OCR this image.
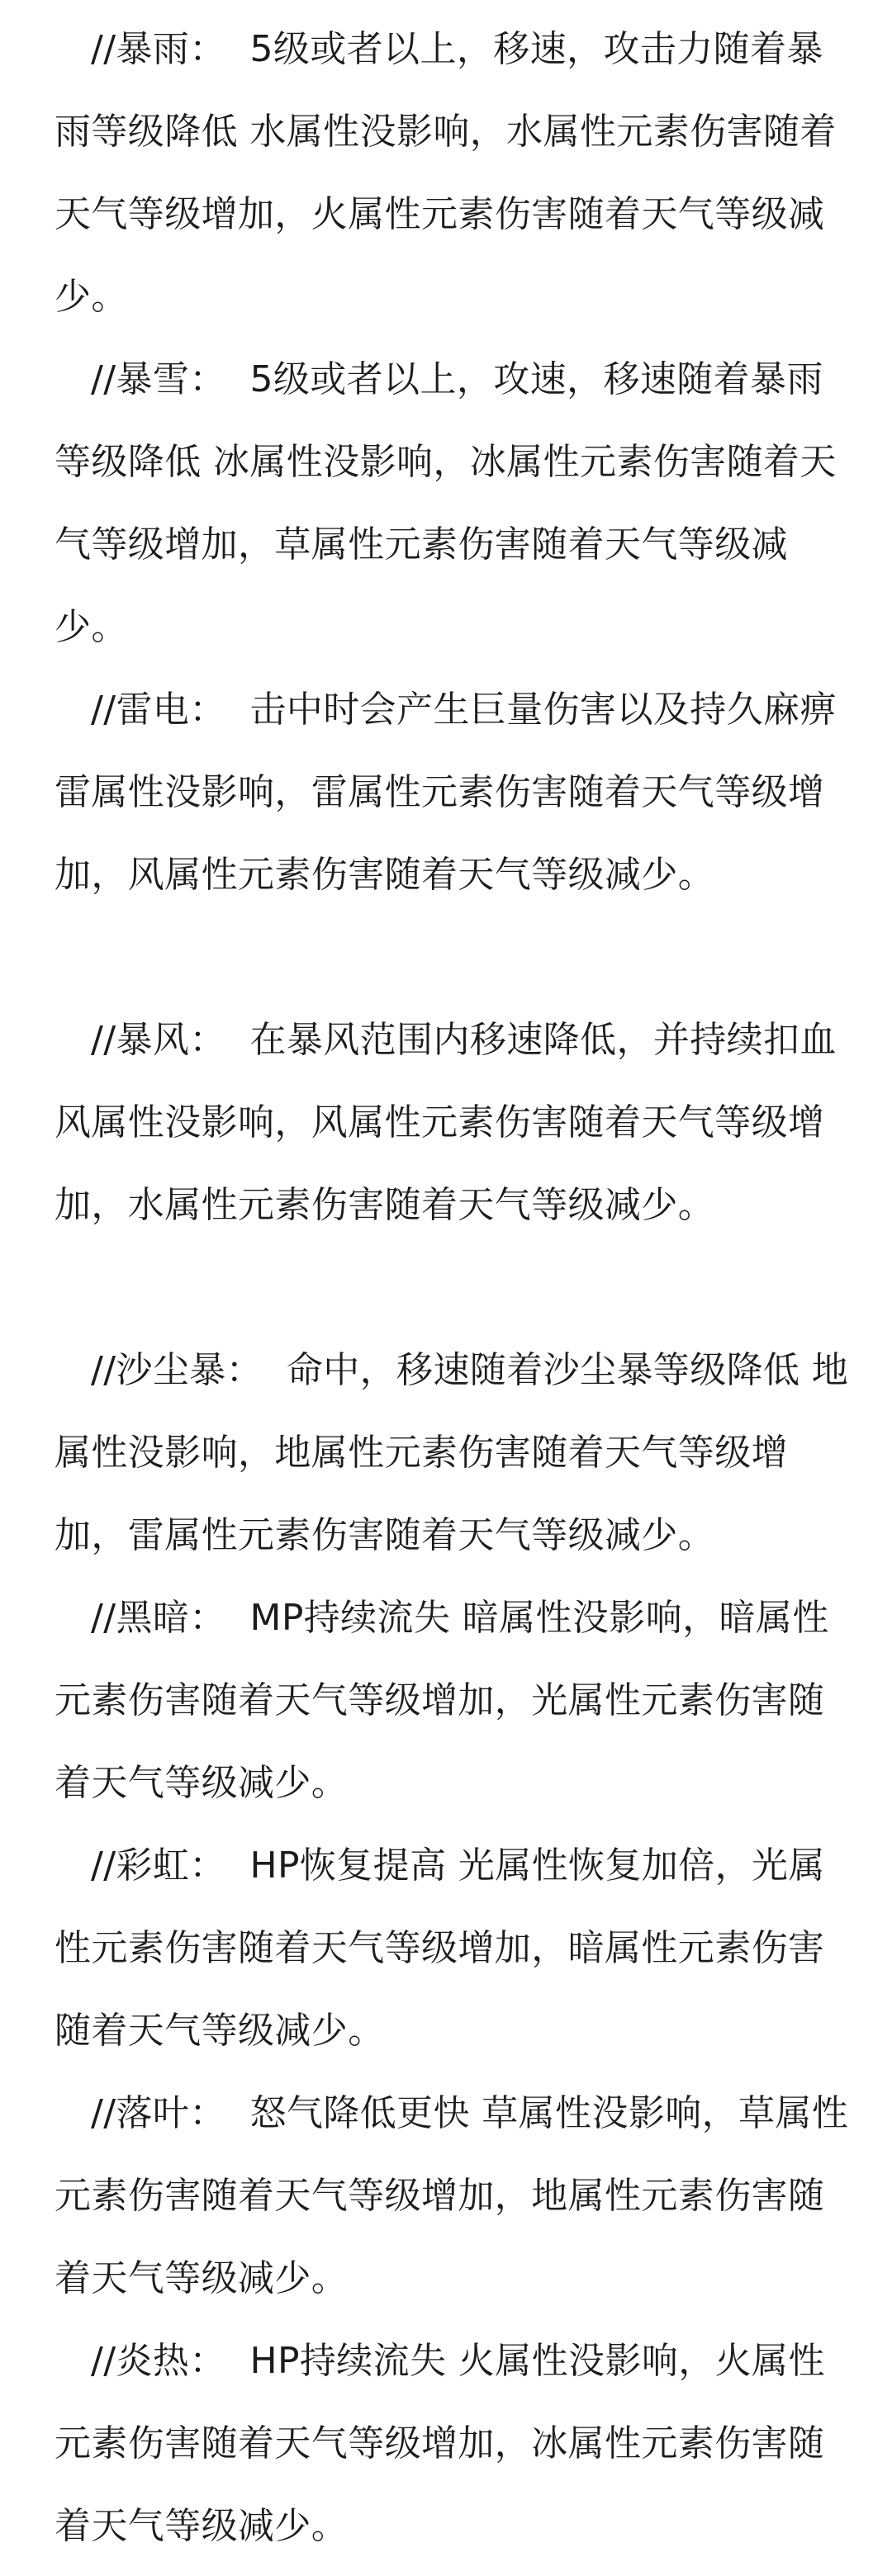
//暴雨：  5级或者以上，移速，攻击力随着暴雨等级降低 水属性没影响，水属性元素伤害随着天气等级增加，火属性元素伤害随着天气等级减少。

//暴雪：  5级或者以上，攻速，移速随着暴雨等级降低 冰属性没影响，冰属性元素伤害随着天气等级增加，草属性元素伤害随着天气等级减少。

//雷电：  击中时会产生巨量伤害以及持久麻痹 雷属性没影响，雷属性元素伤害随着天气等级增加，风属性元素伤害随着天气等级减少。

//暴风：  在暴风范围内移速降低，并持续扣血 风属性没影响，风属性元素伤害随着天气等级增加，水属性元素伤害随着天气等级减少。

//沙尘暴：  命中，移速随着沙尘暴等级降低 地属性没影响，地属性元素伤害随着天气等级增加，雷属性元素伤害随着天气等级减少。

//黑暗：  MP持续流失 暗属性没影响，暗属性元素伤害随着天气等级增加，光属性元素伤害随着天气等级减少。

//彩虹：  HP恢复提高 光属性恢复加倍，光属性元素伤害随着天气等级增加，暗属性元素伤害随着天气等级减少。

//落叶：  怒气降低更快 草属性没影响，草属性元素伤害随着天气等级增加，地属性元素伤害随着天气等级减少。

//炎热：  HP持续流失 火属性没影响，火属性元素伤害随着天气等级增加，冰属性元素伤害随着天气等级减少。
